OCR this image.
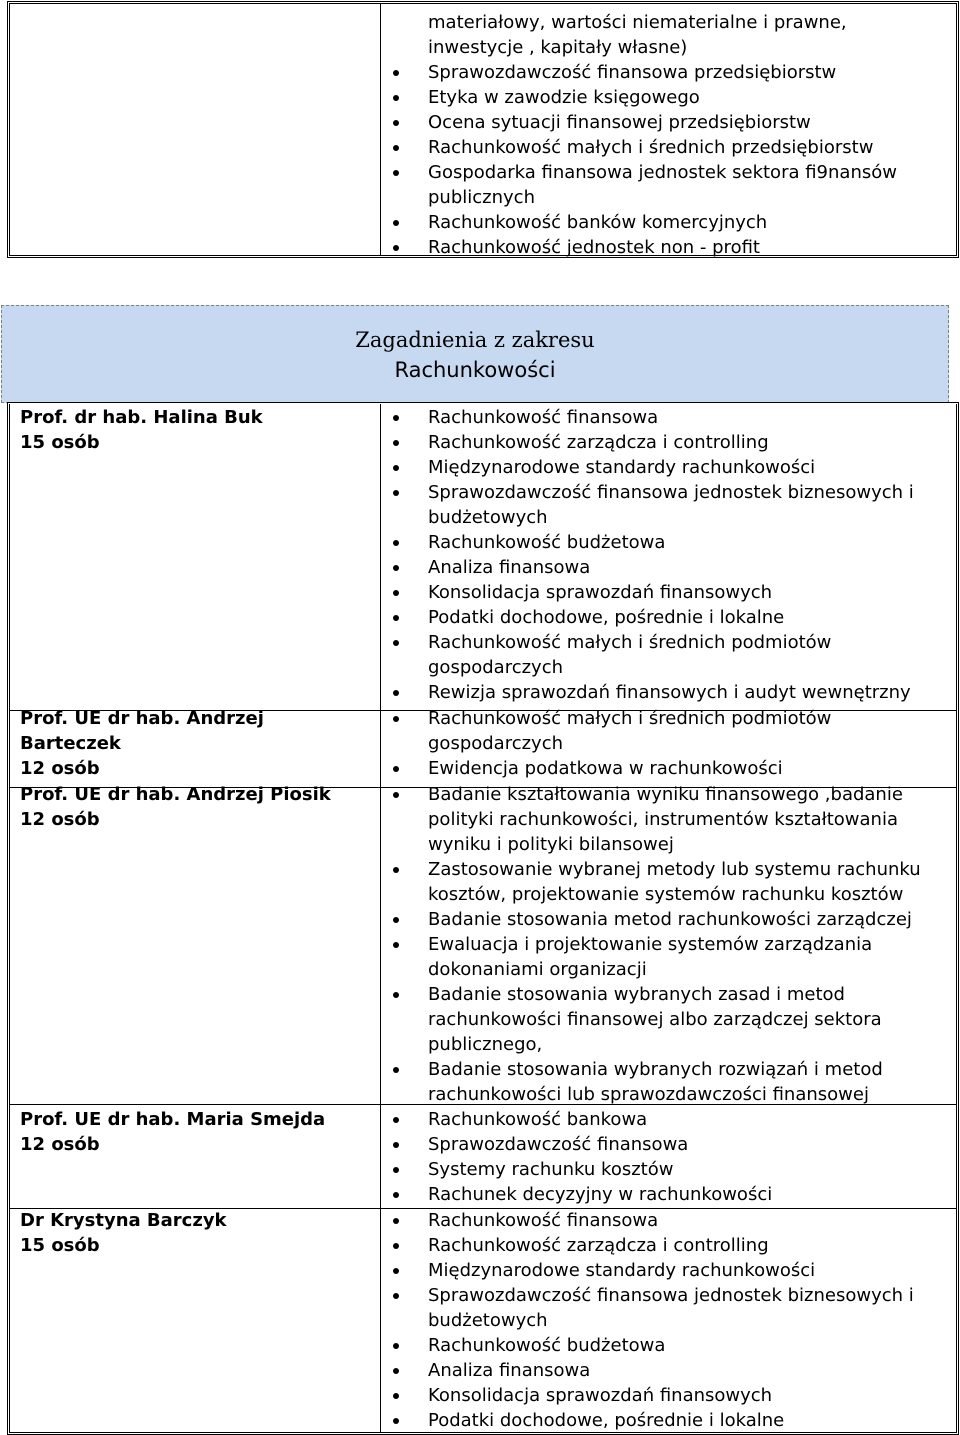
materiałowy, wartości niematerialne i prawne,
inwestycje , kapitały własne)
Sprawozdawczość finansowa przedsiębiorstw
Etyka w zawodzie księgowego
Ocena sytuacji finansowej przedsiębiorstw
Rachunkowość małych i średnich przedsiębiorstw
Gospodarka finansowa jednostek sektora fi9nansów
publicznych
Rachunkowość banków komercyjnych
Rachunkowość jednostek non - profit
Zagadnienia z zakresu
Rachunkowości
Prof. dr hab. Halina Buk
15 osób
Rachunkowość finansowa
Rachunkowość zarządcza i controlling
Międzynarodowe standardy rachunkowości
Sprawozdawczość finansowa jednostek biznesowych i
budżetowych
Rachunkowość budżetowa
Analiza finansowa
Konsolidacja sprawozdań finansowych
Podatki dochodowe, pośrednie i lokalne
Rachunkowość małych i średnich podmiotów
gospodarczych
Rewizja sprawozdań finansowych i audyt wewnętrzny
Prof. UE dr hab. Andrzej
Barteczek
12 osób
Rachunkowość małych i średnich podmiotów
gospodarczych
Ewidencja podatkowa w rachunkowości
Prof. UE dr hab. Andrzej Piosik
12 osób
Badanie kształtowania wyniku finansowego ,badanie
polityki rachunkowości, instrumentów kształtowania
wyniku i polityki bilansowej
Zastosowanie wybranej metody lub systemu rachunku
kosztów, projektowanie systemów rachunku kosztów
Badanie stosowania metod rachunkowości zarządczej
Ewaluacja i projektowanie systemów zarządzania
dokonaniami organizacji
Badanie stosowania wybranych zasad i metod
rachunkowości finansowej albo zarządczej sektora
publicznego,
Badanie stosowania wybranych rozwiązań i metod
rachunkowości lub sprawozdawczości finansowej
Prof. UE dr hab. Maria Smejda
12 osób
Rachunkowość bankowa
Sprawozdawczość finansowa
Systemy rachunku kosztów
Rachunek decyzyjny w rachunkowości
Dr Krystyna Barczyk
15 osób
Rachunkowość finansowa
Rachunkowość zarządcza i controlling
Międzynarodowe standardy rachunkowości
Sprawozdawczość finansowa jednostek biznesowych i
budżetowych
Rachunkowość budżetowa
Analiza finansowa
Konsolidacja sprawozdań finansowych
Podatki dochodowe, pośrednie i lokalne
